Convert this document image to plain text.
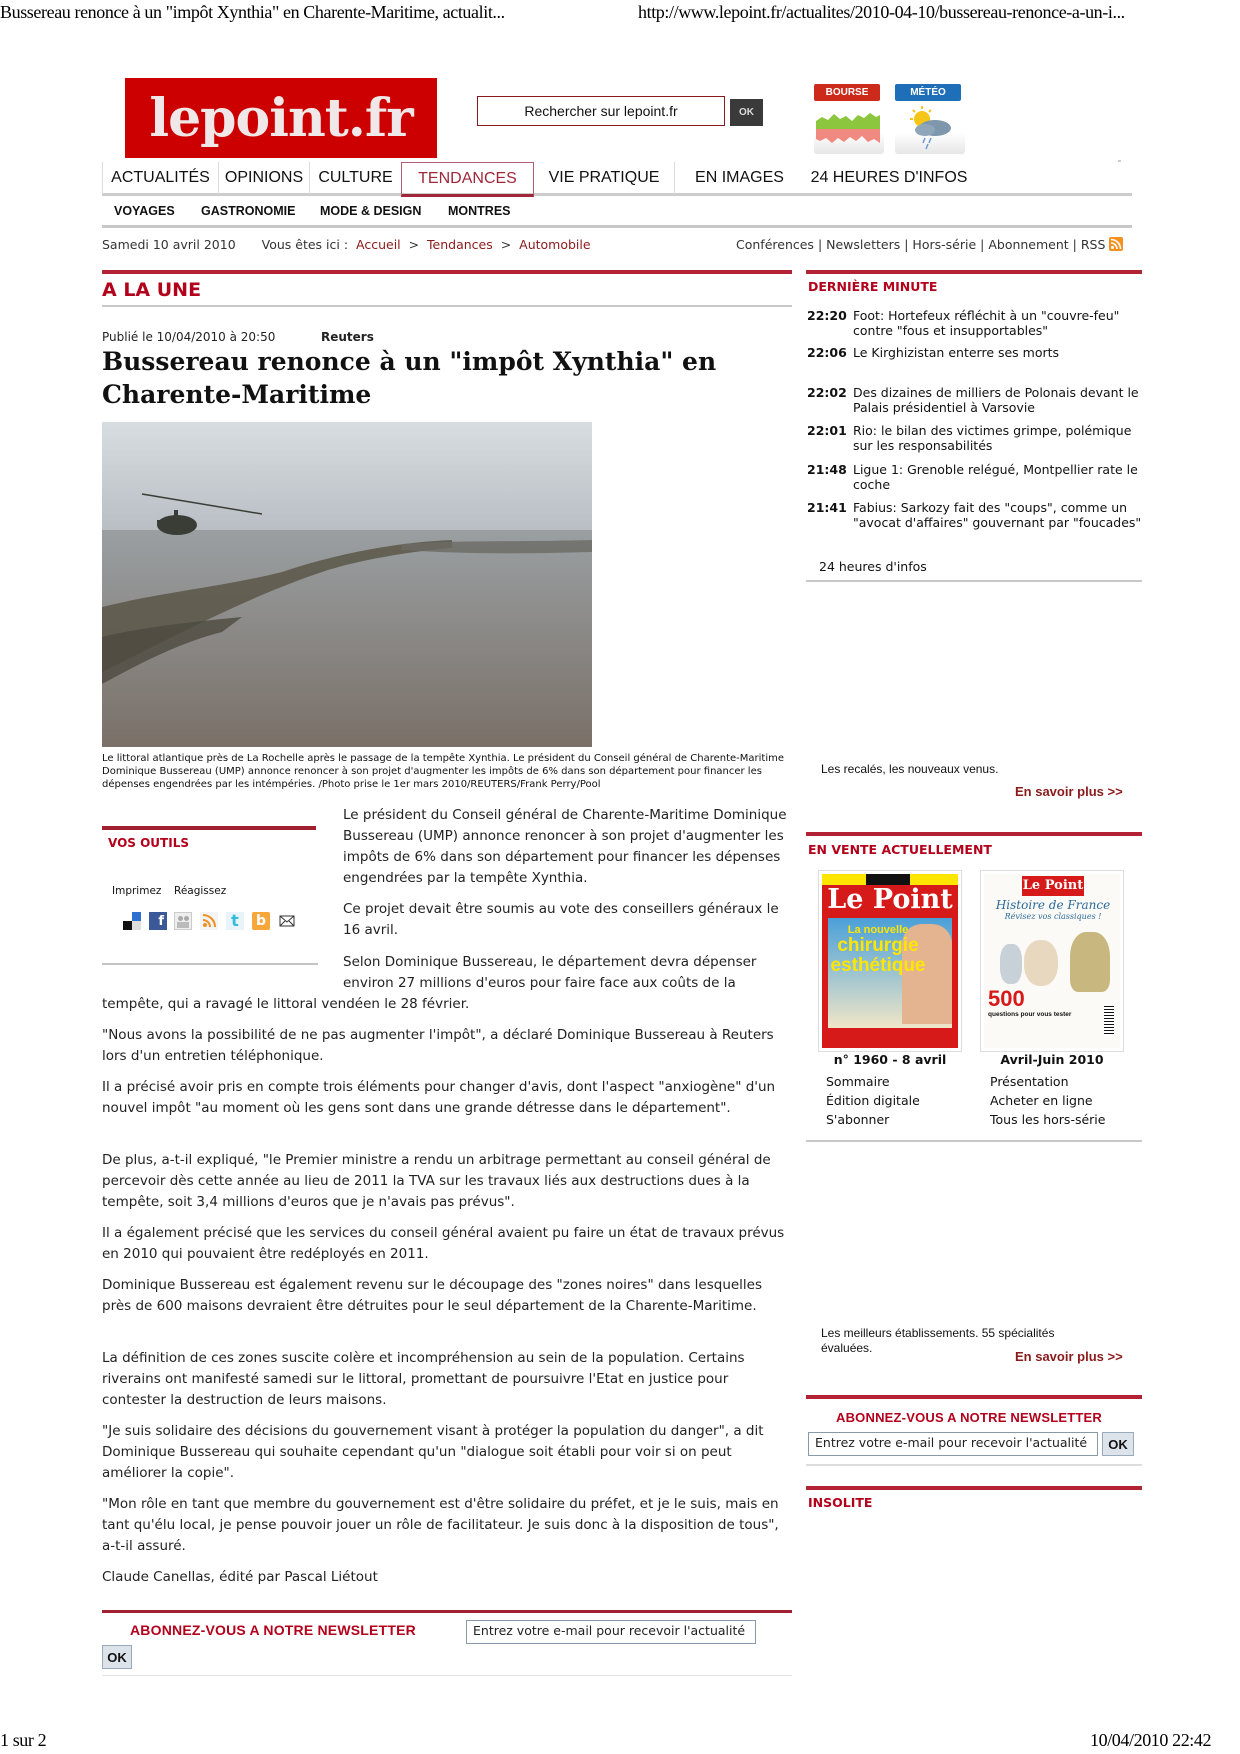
Bussereau renonce à un "impôt Xynthia" en Charente-Maritime, actualit...	http://www.lepoint.fr/actualites/2010-04-10/bussereau-renonce-a-un-i...
1 sur 2	10/04/2010 22:42
lepoint.fr	Rechercher sur lepoint.fr	OK
BOURSE	MÉTÉO
ACTUALITÉS OPINIONS CULTURE	TENDANCES	VIE PRATIQUE	EN IMAGES	24 HEURES D'INFOS
VOYAGES GASTRONOMIE MODE & DESIGN MONTRES
Samedi 10 avril 2010 Vous êtes ici : Accueil > Tendances > Automobile	Conférences | Newsletters | Hors-série | Abonnement | RSS
A LA UNE
Publié le 10/04/2010 à 20:50	Reuters
Bussereau renonce à un "impôt Xynthia" en Charente-Maritime
Le littoral atlantique près de La Rochelle après le passage de la tempête Xynthia. Le président du Conseil général de Charente-Maritime Dominique Bussereau (UMP) annonce renoncer à son projet d'augmenter les impôts de 6% dans son département pour financer les dépenses engendrées par les intémpéries. /Photo prise le 1er mars 2010/REUTERS/Frank Perry/Pool
VOS OUTILS
Imprimez Réagissez
f	t	b

Le président du Conseil général de Charente-Maritime Dominique Bussereau (UMP) annonce renoncer à son projet d'augmenter les impôts de 6% dans son département pour financer les dépenses engendrées par la tempête Xynthia.

Ce projet devait être soumis au vote des conseillers généraux le 16 avril.

Selon Dominique Bussereau, le département devra dépenser environ 27 millions d'euros pour faire face aux coûts de la

tempête, qui a ravagé le littoral vendéen le 28 février.

"Nous avons la possibilité de ne pas augmenter l'impôt", a déclaré Dominique Bussereau à Reuters lors d'un entretien téléphonique.

Il a précisé avoir pris en compte trois éléments pour changer d'avis, dont l'aspect "anxiogène" d'un nouvel impôt "au moment où les gens sont dans une grande détresse dans le département".

De plus, a-t-il expliqué, "le Premier ministre a rendu un arbitrage permettant au conseil général de percevoir dès cette année au lieu de 2011 la TVA sur les travaux liés aux destructions dues à la tempête, soit 3,4 millions d'euros que je n'avais pas prévus".

Il a également précisé que les services du conseil général avaient pu faire un état de travaux prévus en 2010 qui pouvaient être redéployés en 2011.

Dominique Bussereau est également revenu sur le découpage des "zones noires" dans lesquelles près de 600 maisons devraient être détruites pour le seul département de la Charente-Maritime.

La définition de ces zones suscite colère et incompréhension au sein de la population. Certains riverains ont manifesté samedi sur le littoral, promettant de poursuivre l'Etat en justice pour contester la destruction de leurs maisons.

"Je suis solidaire des décisions du gouvernement visant à protéger la population du danger", a dit Dominique Bussereau qui souhaite cependant qu'un "dialogue soit établi pour voir si on peut améliorer la copie".

"Mon rôle en tant que membre du gouvernement est d'être solidaire du préfet, et je le suis, mais en tant qu'élu local, je pense pouvoir jouer un rôle de facilitateur. Je suis donc à la disposition de tous", a-t-il assuré.

Claude Canellas, édité par Pascal Liétout

ABONNEZ-VOUS A NOTRE NEWSLETTER	Entrez votre e-mail pour recevoir l'actualité
OK
DERNIÈRE MINUTE
22:20 Foot: Hortefeux réfléchit à un "couvre-feu" contre "fous et insupportables"
22:06 Le Kirghizistan enterre ses morts
22:02 Des dizaines de milliers de Polonais devant le Palais présidentiel à Varsovie
22:01 Rio: le bilan des victimes grimpe, polémique sur les responsabilités
21:48 Ligue 1: Grenoble relégué, Montpellier rate le coche
21:41 Fabius: Sarkozy fait des "coups", comme un "avocat d'affaires" gouvernant par "foucades"
24 heures d'infos
Les recalés, les nouveaux venus.
En savoir plus >>
EN VENTE ACTUELLEMENT
Le Point
La nouvelle
chirurgie
esthétique
Le Point
Histoire de France
Révisez vos classiques !
500
questions pour vous tester
n° 1960 - 8 avril	Avril-Juin 2010
Sommaire
Édition digitale
S'abonner
Présentation
Acheter en ligne
Tous les hors-série
Les meilleurs établissements. 55 spécialités évaluées.
En savoir plus >>
ABONNEZ-VOUS A NOTRE NEWSLETTER
Entrez votre e-mail pour recevoir l'actualité	OK
INSOLITE
